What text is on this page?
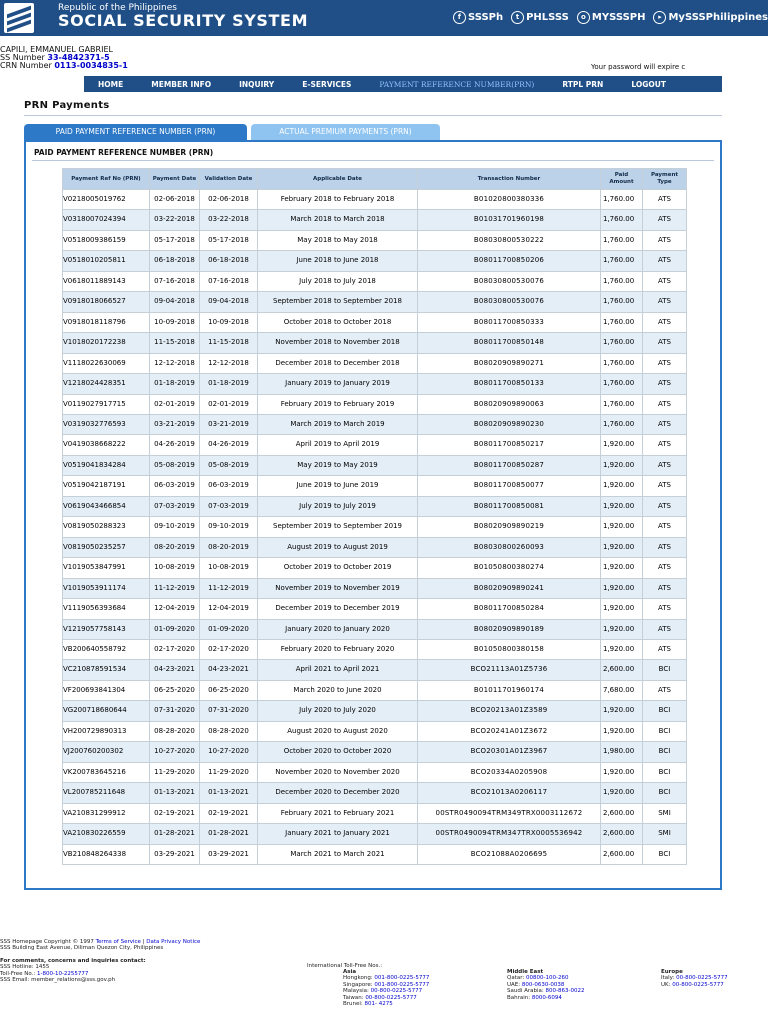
Republic of the Philippines
SOCIAL SECURITY SYSTEM	f SSSPh	t PHLSSS	o MYSSSPH	▸ MySSSPhilippines
CAPILI, EMMANUEL GABRIEL
SS Number 33-4842371-5
CRN Number 0113-0034835-1	Your password will expire c
HOME	MEMBER INFO	INQUIRY	E-SERVICES	PAYMENT REFERENCE NUMBER(PRN)	RTPL PRN	LOGOUT
PRN Payments
PAID PAYMENT REFERENCE NUMBER (PRN)	ACTUAL PREMIUM PAYMENTS (PRN)
PAID PAYMENT REFERENCE NUMBER (PRN)
Payment Ref No (PRN)	Payment Date	Validation Date	Applicable Date	Transaction Number	Paid Amount	Payment Type
V0218005019762	02-06-2018	02-06-2018	February 2018 to February 2018	B01020800380336	1,760.00	ATS
V0318007024394	03-22-2018	03-22-2018	March 2018 to March 2018	B01031701960198	1,760.00	ATS
V0518009386159	05-17-2018	05-17-2018	May 2018 to May 2018	B08030800530222	1,760.00	ATS
V0518010205811	06-18-2018	06-18-2018	June 2018 to June 2018	B08011700850206	1,760.00	ATS
V0618011889143	07-16-2018	07-16-2018	July 2018 to July 2018	B08030800530076	1,760.00	ATS
V0918018066527	09-04-2018	09-04-2018	September 2018 to September 2018	B08030800530076	1,760.00	ATS
V0918018118796	10-09-2018	10-09-2018	October 2018 to October 2018	B08011700850333	1,760.00	ATS
V1018020172238	11-15-2018	11-15-2018	November 2018 to November 2018	B08011700850148	1,760.00	ATS
V1118022630069	12-12-2018	12-12-2018	December 2018 to December 2018	B08020909890271	1,760.00	ATS
V1218024428351	01-18-2019	01-18-2019	January 2019 to January 2019	B08011700850133	1,760.00	ATS
V0119027917715	02-01-2019	02-01-2019	February 2019 to February 2019	B08020909890063	1,760.00	ATS
V0319032776593	03-21-2019	03-21-2019	March 2019 to March 2019	B08020909890230	1,760.00	ATS
V0419038668222	04-26-2019	04-26-2019	April 2019 to April 2019	B08011700850217	1,920.00	ATS
V0519041834284	05-08-2019	05-08-2019	May 2019 to May 2019	B08011700850287	1,920.00	ATS
V0519042187191	06-03-2019	06-03-2019	June 2019 to June 2019	B08011700850077	1,920.00	ATS
V0619043466854	07-03-2019	07-03-2019	July 2019 to July 2019	B08011700850081	1,920.00	ATS
V0819050288323	09-10-2019	09-10-2019	September 2019 to September 2019	B08020909890219	1,920.00	ATS
V0819050235257	08-20-2019	08-20-2019	August 2019 to August 2019	B08030800260093	1,920.00	ATS
V1019053847991	10-08-2019	10-08-2019	October 2019 to October 2019	B01050800380274	1,920.00	ATS
V1019053911174	11-12-2019	11-12-2019	November 2019 to November 2019	B08020909890241	1,920.00	ATS
V1119056393684	12-04-2019	12-04-2019	December 2019 to December 2019	B08011700850284	1,920.00	ATS
V1219057758143	01-09-2020	01-09-2020	January 2020 to January 2020	B08020909890189	1,920.00	ATS
VB200640558792	02-17-2020	02-17-2020	February 2020 to February 2020	B01050800380158	1,920.00	ATS
VC210878591534	04-23-2021	04-23-2021	April 2021 to April 2021	BCO21113A01Z5736	2,600.00	BCI
VF200693841304	06-25-2020	06-25-2020	March 2020 to June 2020	B01011701960174	7,680.00	ATS
VG200718680644	07-31-2020	07-31-2020	July 2020 to July 2020	BCO20213A01Z3589	1,920.00	BCI
VH200729890313	08-28-2020	08-28-2020	August 2020 to August 2020	BCO20241A01Z3672	1,920.00	BCI
VJ200760200302	10-27-2020	10-27-2020	October 2020 to October 2020	BCO20301A01Z3967	1,980.00	BCI
VK200783645216	11-29-2020	11-29-2020	November 2020 to November 2020	BCO20334A0205908	1,920.00	BCI
VL200785211648	01-13-2021	01-13-2021	December 2020 to December 2020	BCO21013A0206117	1,920.00	BCI
VA210831299912	02-19-2021	02-19-2021	February 2021 to February 2021	00STR0490094TRM349TRX0003112672	2,600.00	SMI
VA210830226559	01-28-2021	01-28-2021	January 2021 to January 2021	00STR0490094TRM347TRX0005536942	2,600.00	SMI
VB210848264338	03-29-2021	03-29-2021	March 2021 to March 2021	BCO21088A0206695	2,600.00	BCI
SSS Homepage Copyright © 1997 Terms of Service | Data Privacy Notice
SSS Building East Avenue, Diliman Quezon City, Philippines
For comments, concerns and inquiries contact:
SSS Hotline: 1455
Toll-Free No.: 1-800-10-2255777
SSS Email: member_relations@sss.gov.ph
International Toll-Free Nos.:
Asia
Hongkong: 001-800-0225-5777
Singapore: 001-800-0225-5777
Malaysia: 00-800-0225-5777
Taiwan: 00-800-0225-5777
Brunei: 801- 4275
Middle East
Qatar: 00800-100-260
UAE: 800-0630-0038
Saudi Arabia: 800-863-0022
Bahrain: 8000-6094
Europe
Italy: 00-800-0225-5777
UK: 00-800-0225-5777
